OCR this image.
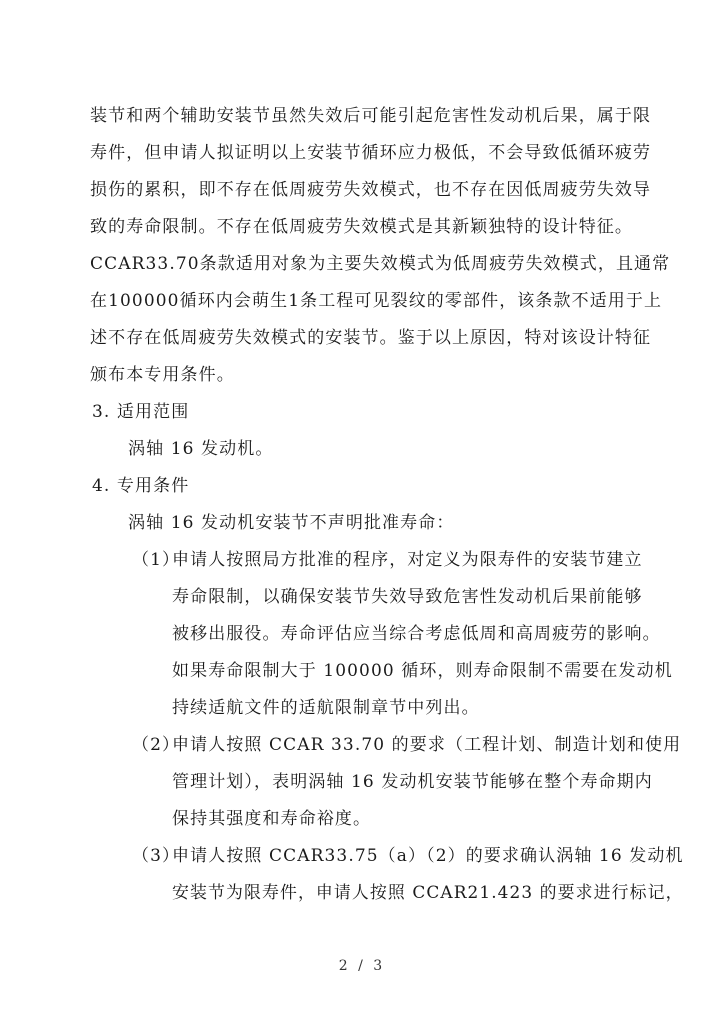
装节和两个辅助安装节虽然失效后可能引起危害性发动机后果，属于限
寿件，但申请人拟证明以上安装节循环应力极低，不会导致低循环疲劳
损伤的累积，即不存在低周疲劳失效模式，也不存在因低周疲劳失效导
致的寿命限制。不存在低周疲劳失效模式是其新颖独特的设计特征。
CCAR33.70条款适用对象为主要失效模式为低周疲劳失效模式，且通常
在100000循环内会萌生1条工程可见裂纹的零部件，该条款不适用于上
述不存在低周疲劳失效模式的安装节。鉴于以上原因，特对该设计特征
颁布本专用条件。
3. 适用范围
涡轴 16 发动机。
4. 专用条件
涡轴 16 发动机安装节不声明批准寿命：
（1）
申请人按照局方批准的程序，对定义为限寿件的安装节建立
寿命限制，以确保安装节失效导致危害性发动机后果前能够
被移出服役。寿命评估应当综合考虑低周和高周疲劳的影响。
如果寿命限制大于 100000 循环，则寿命限制不需要在发动机
持续适航文件的适航限制章节中列出。
（2）
申请人按照 CCAR 33.70 的要求（工程计划、制造计划和使用
管理计划），表明涡轴 16 发动机安装节能够在整个寿命期内
保持其强度和寿命裕度。
（3）
申请人按照 CCAR33.75（a）（2）的要求确认涡轴 16 发动机
安装节为限寿件，申请人按照 CCAR21.423 的要求进行标记，
2 / 3
